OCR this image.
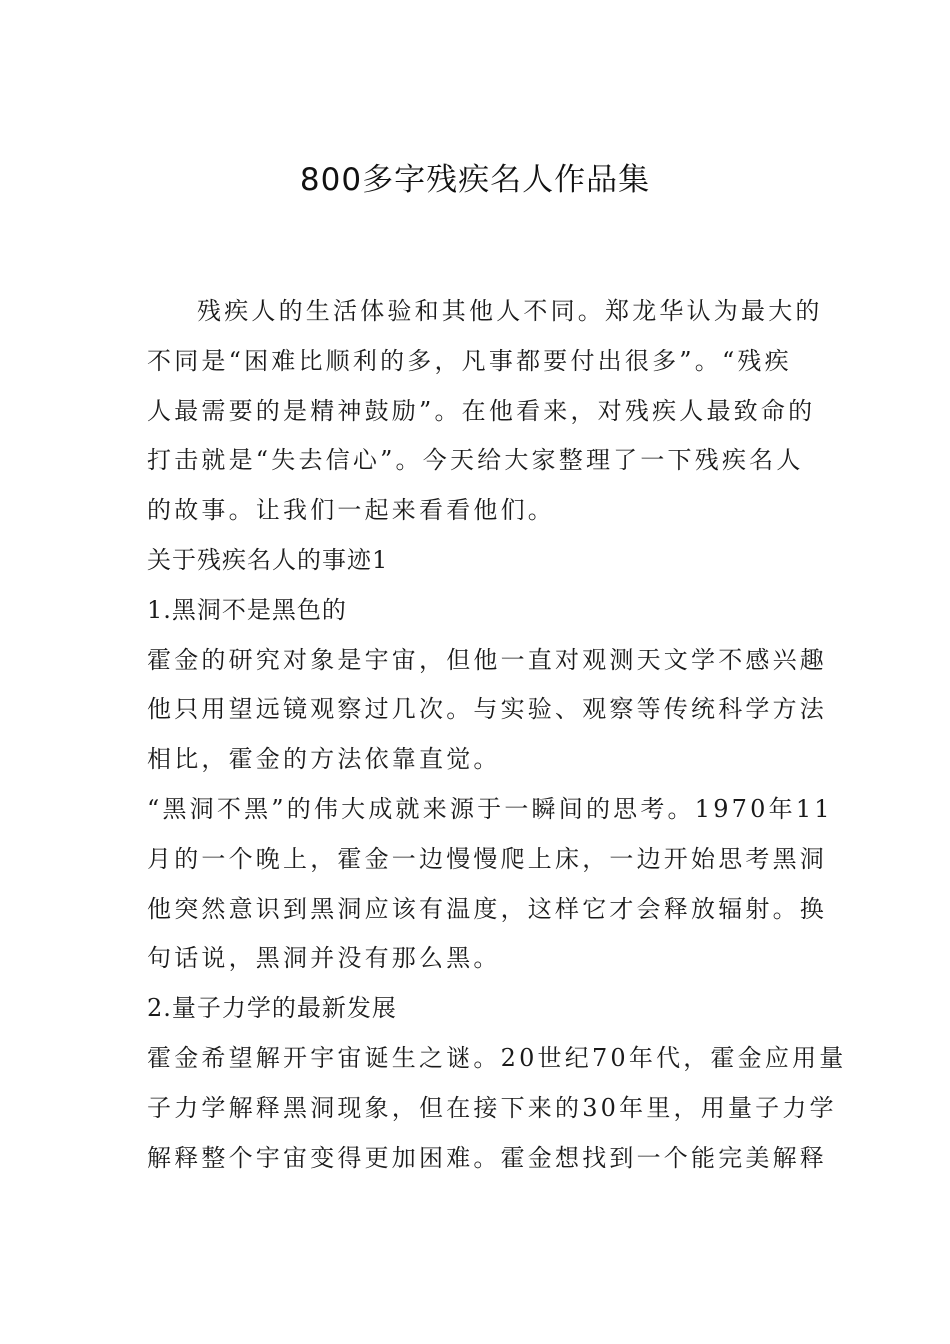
800多字残疾名人作品集
残疾人的生活体验和其他人不同。郑龙华认为最大的
不同是“困难比顺利的多，凡事都要付出很多”。“残疾
人最需要的是精神鼓励”。在他看来，对残疾人最致命的
打击就是“失去信心”。今天给大家整理了一下残疾名人
的故事。让我们一起来看看他们。
关于残疾名人的事迹1
1.黑洞不是黑色的
霍金的研究对象是宇宙，但他一直对观测天文学不感兴趣
他只用望远镜观察过几次。与实验、观察等传统科学方法
相比，霍金的方法依靠直觉。
“黑洞不黑”的伟大成就来源于一瞬间的思考。1970年11
月的一个晚上，霍金一边慢慢爬上床，一边开始思考黑洞
他突然意识到黑洞应该有温度，这样它才会释放辐射。换
句话说，黑洞并没有那么黑。
2.量子力学的最新发展
霍金希望解开宇宙诞生之谜。20世纪70年代，霍金应用量
子力学解释黑洞现象，但在接下来的30年里，用量子力学
解释整个宇宙变得更加困难。霍金想找到一个能完美解释
